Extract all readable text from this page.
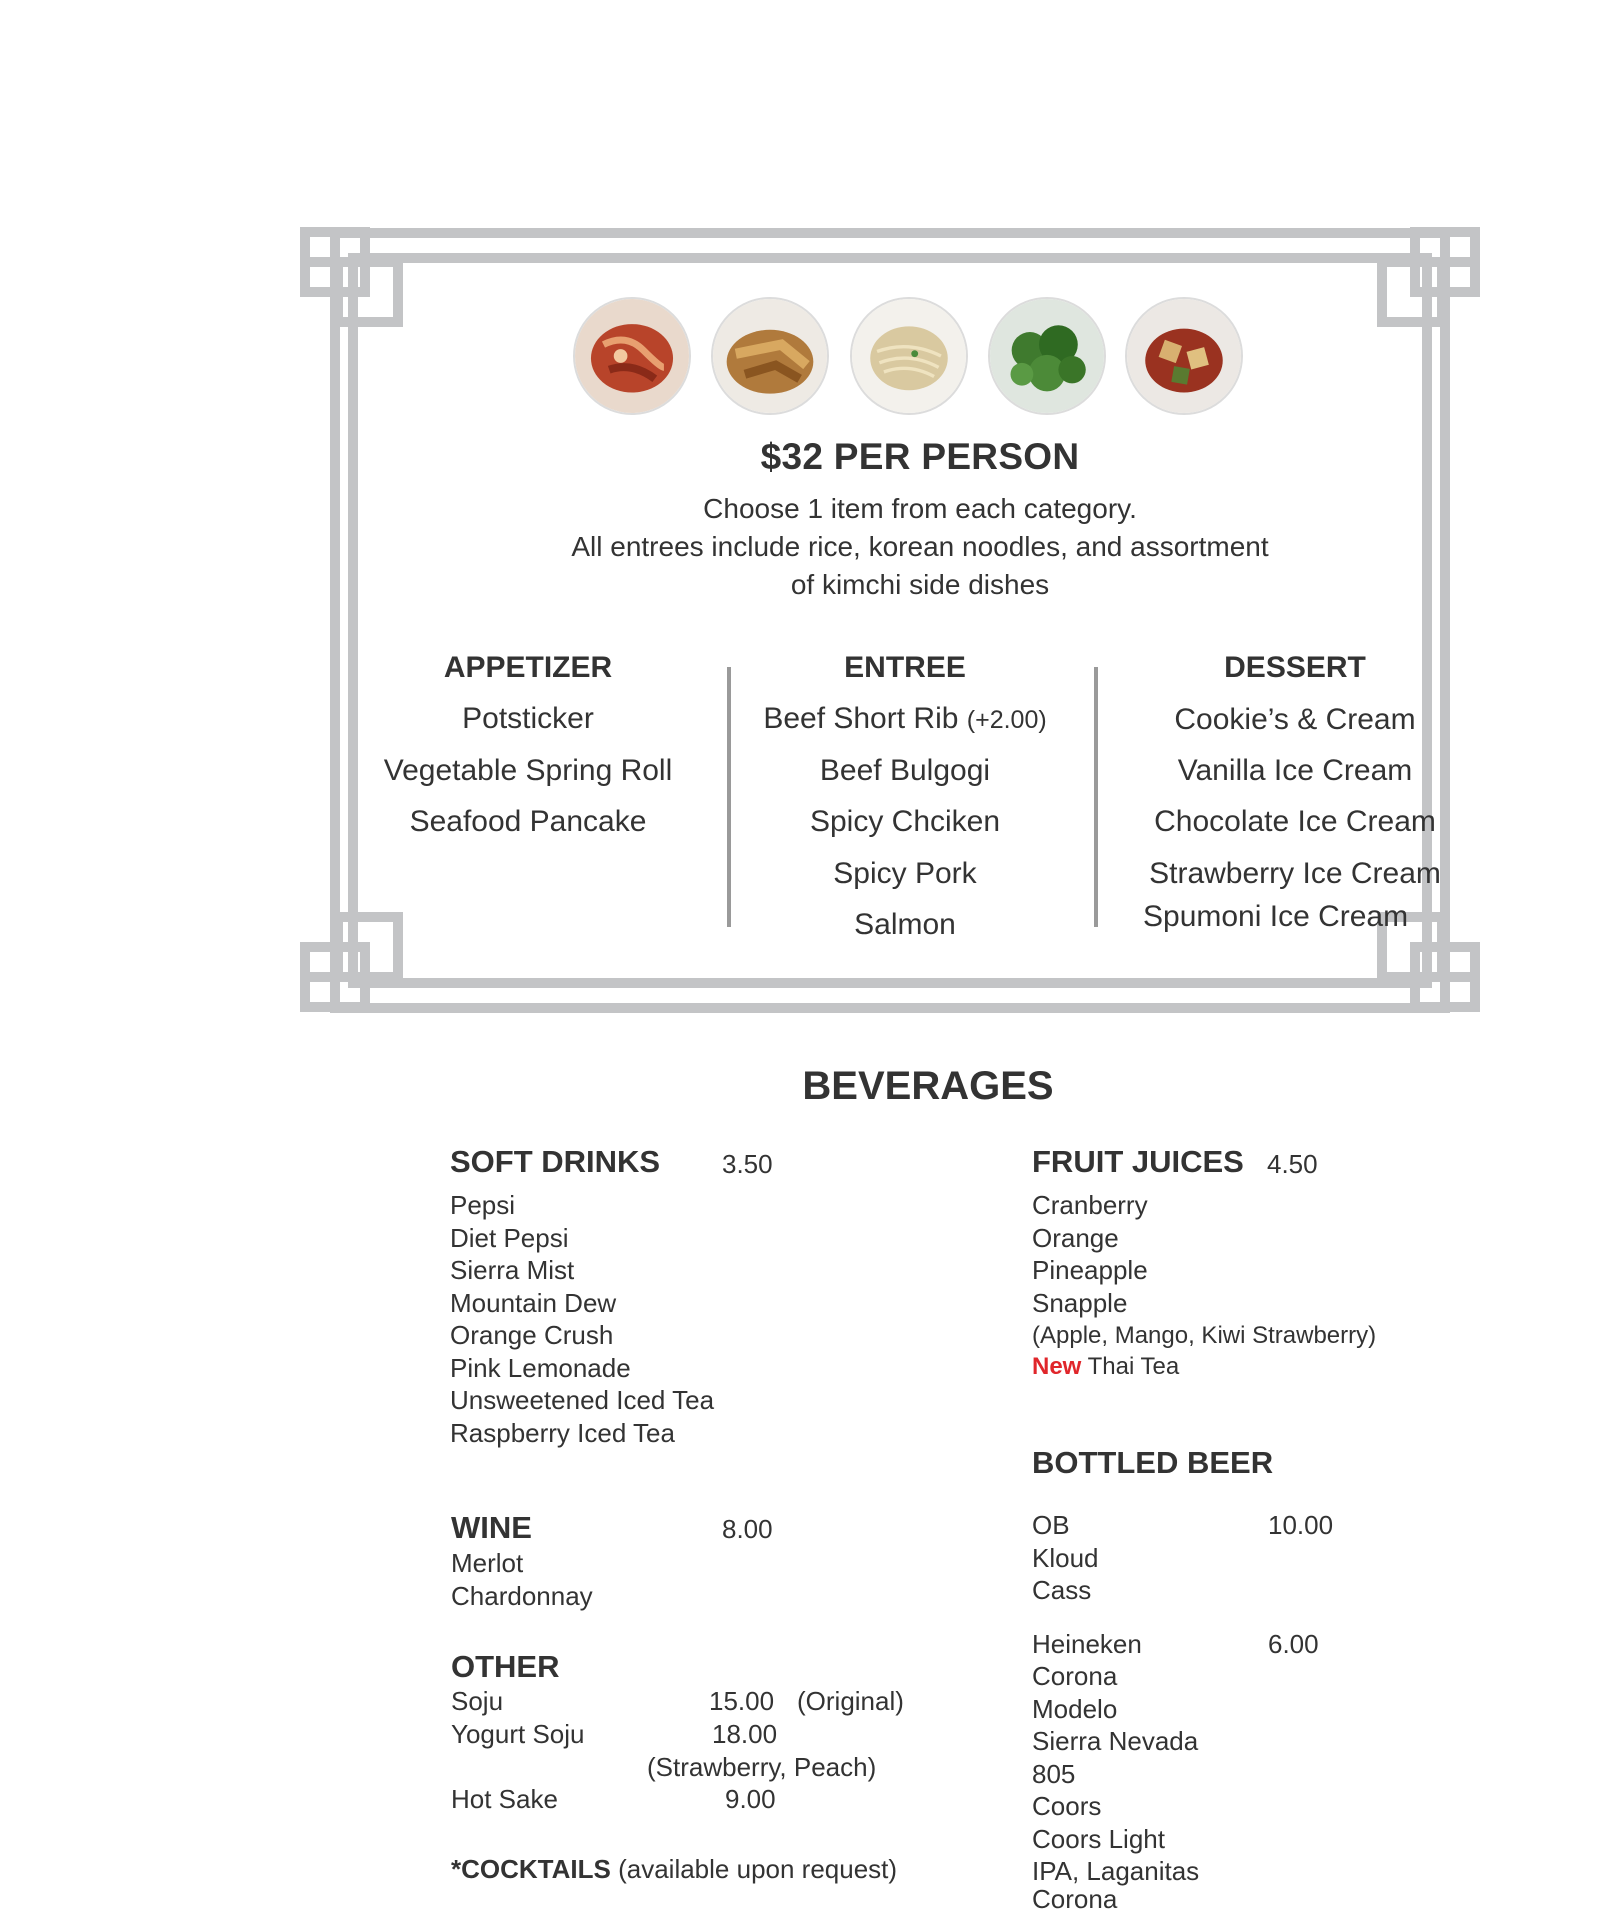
$32 PER PERSON
Choose 1 item from each category.
All entrees include rice, korean noodles, and assortment
of kimchi side dishes
APPETIZER
Potsticker
Vegetable Spring Roll
Seafood Pancake
ENTREE
Beef Short Rib (+2.00)
Beef Bulgogi
Spicy Chciken
Spicy Pork
Salmon
DESSERT
Cookie’s & Cream
Vanilla Ice Cream
Chocolate Ice Cream
Strawberry Ice Cream
Spumoni Ice Cream
BEVERAGES
SOFT DRINKS 3.50
Pepsi
Diet Pepsi
Sierra Mist
Mountain Dew
Orange Crush
Pink Lemonade
Unsweetened Iced Tea
Raspberry Iced Tea
WINE	8.00
Merlot
Chardonnay
OTHER
Soju	15.00 (Original)
Yogurt Soju	18.00
(Strawberry, Peach)
Hot Sake	9.00
*COCKTAILS (available upon request)
FRUIT JUICES 4.50
Cranberry
Orange
Pineapple
Snapple
(Apple, Mango, Kiwi Strawberry)
New Thai Tea
BOTTLED BEER
OB	10.00
Kloud
Cass
Heineken	6.00
Corona
Modelo
Sierra Nevada
805
Coors
Coors Light
IPA, Laganitas
Corona
